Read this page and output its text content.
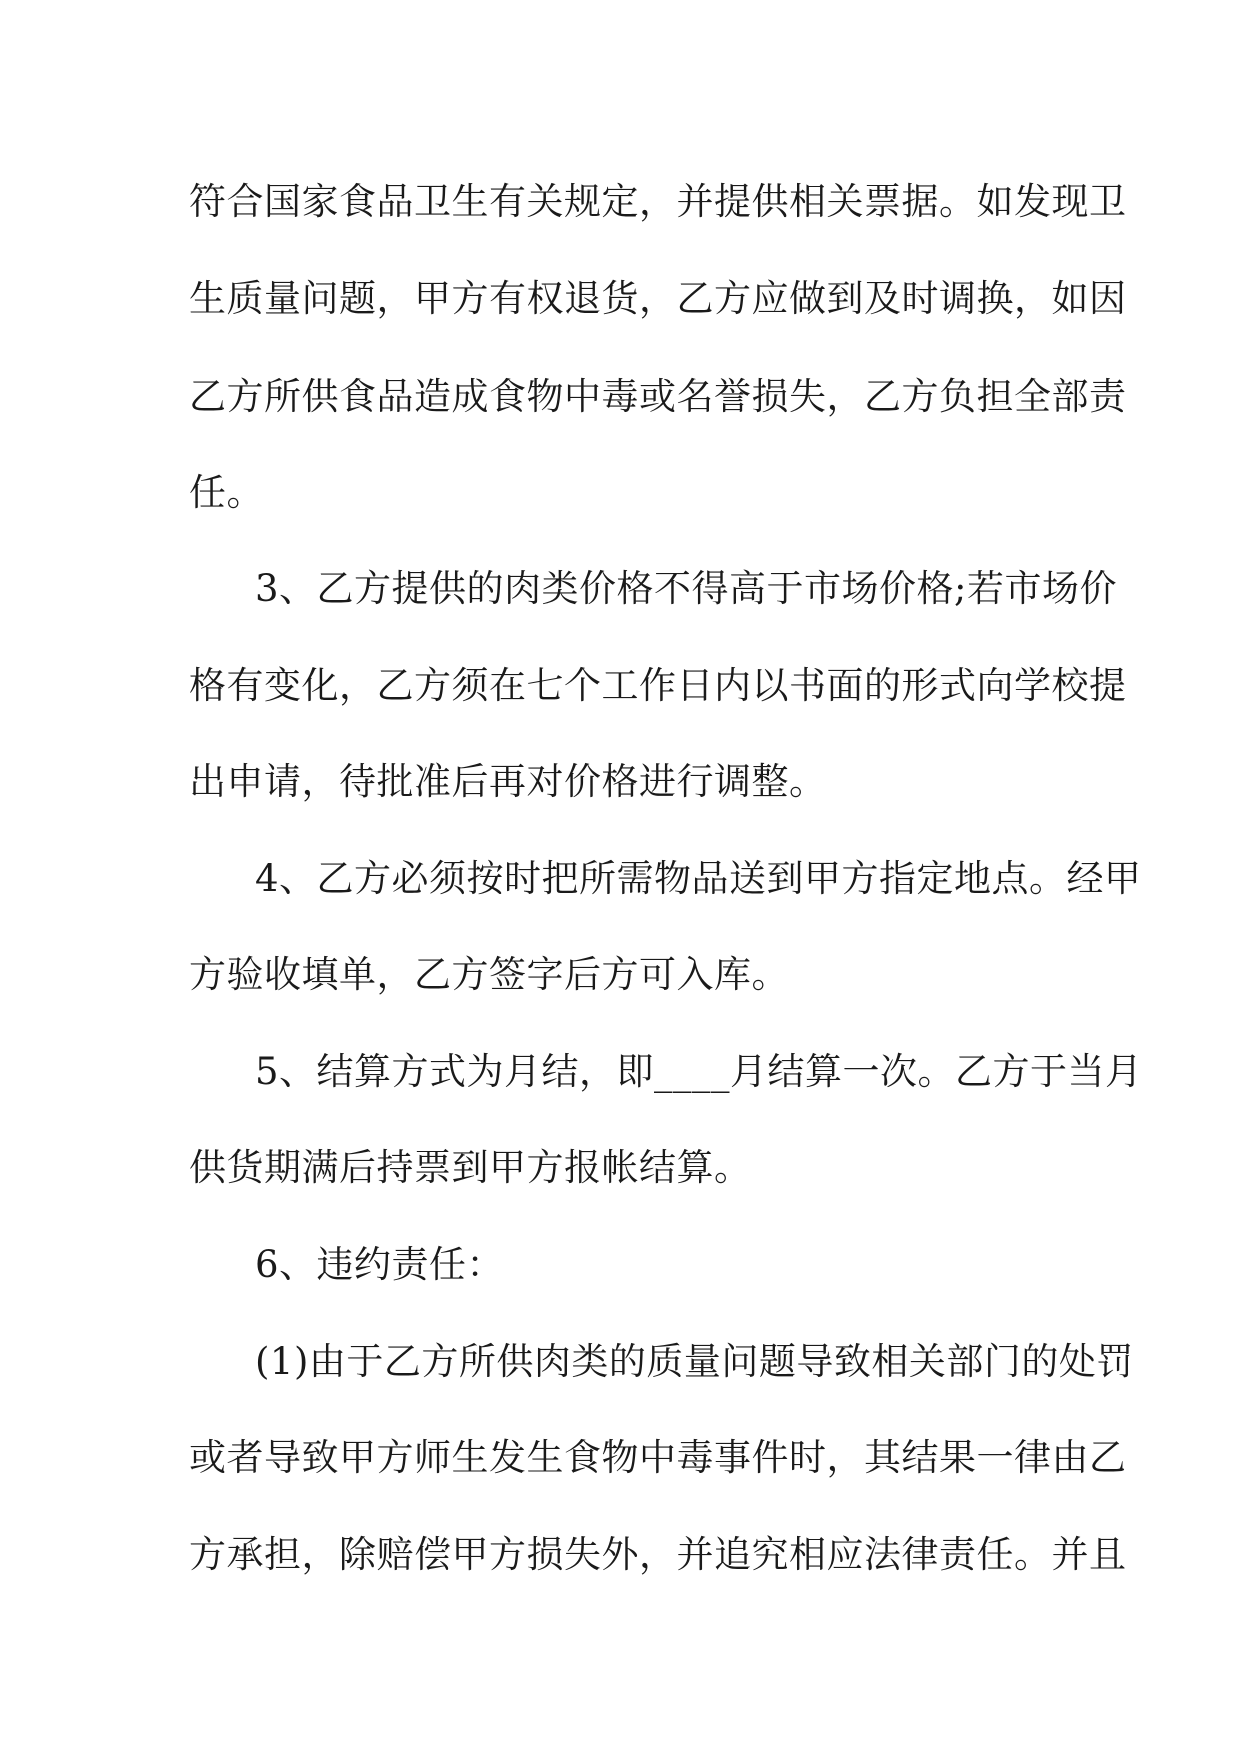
符合国家食品卫生有关规定，并提供相关票据。如发现卫
生质量问题，甲方有权退货，乙方应做到及时调换，如因
乙方所供食品造成食物中毒或名誉损失，乙方负担全部责
任。
3、乙方提供的肉类价格不得高于市场价格;若市场价
格有变化，乙方须在七个工作日内以书面的形式向学校提
出申请，待批准后再对价格进行调整。
4、乙方必须按时把所需物品送到甲方指定地点。经甲
方验收填单，乙方签字后方可入库。
5、结算方式为月结，即____月结算一次。乙方于当月
供货期满后持票到甲方报帐结算。
6、违约责任：
(1)由于乙方所供肉类的质量问题导致相关部门的处罚
或者导致甲方师生发生食物中毒事件时，其结果一律由乙
方承担，除赔偿甲方损失外，并追究相应法律责任。并且
